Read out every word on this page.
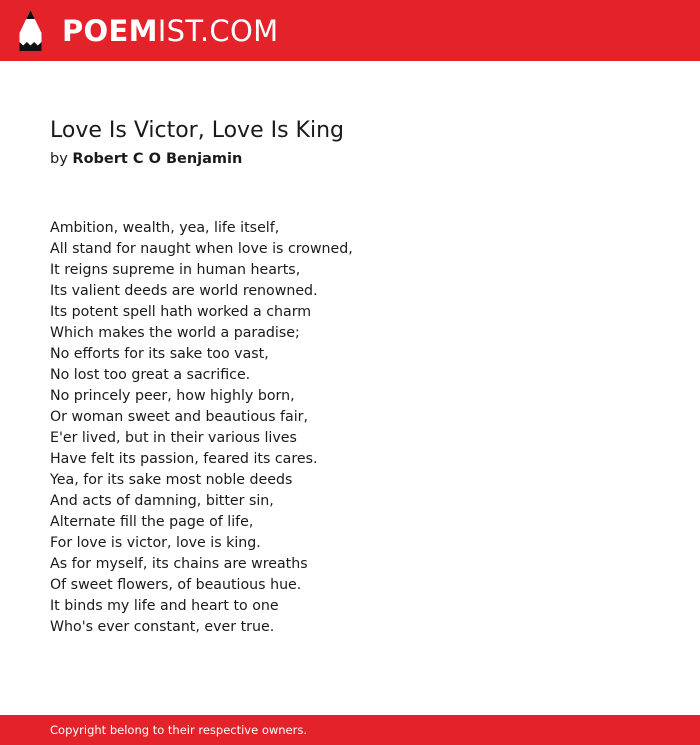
POEMIST.COM
Love Is Victor, Love Is King
by Robert C O Benjamin
Ambition, wealth, yea, life itself,
All stand for naught when love is crowned,
It reigns supreme in human hearts,
Its valient deeds are world renowned.
Its potent spell hath worked a charm
Which makes the world a paradise;
No efforts for its sake too vast,
No lost too great a sacrifice.
No princely peer, how highly born,
Or woman sweet and beautious fair,
E'er lived, but in their various lives
Have felt its passion, feared its cares.
Yea, for its sake most noble deeds
And acts of damning, bitter sin,
Alternate fill the page of life,
For love is victor, love is king.
As for myself, its chains are wreaths
Of sweet flowers, of beautious hue.
It binds my life and heart to one
Who's ever constant, ever true.
Copyright belong to their respective owners.
